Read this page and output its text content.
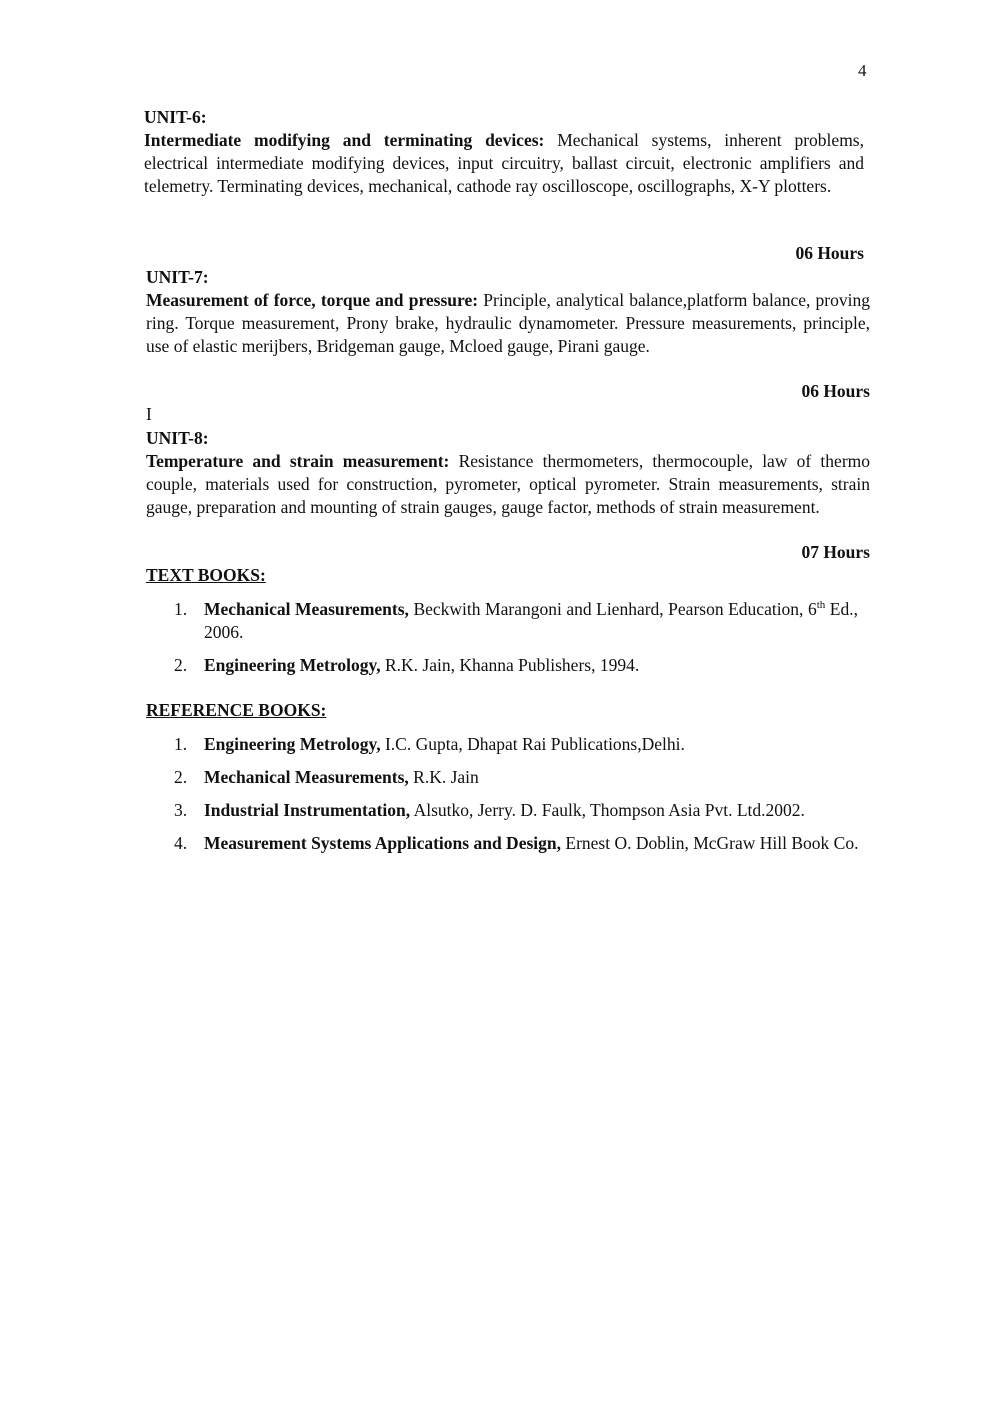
4
UNIT-6:
Intermediate modifying and terminating devices: Mechanical systems, inherent problems, electrical intermediate modifying devices, input circuitry, ballast circuit, electronic amplifiers and telemetry. Terminating devices, mechanical, cathode ray oscilloscope, oscillographs, X-Y plotters.
06 Hours
UNIT-7:
Measurement of force, torque and pressure: Principle, analytical balance,platform balance, proving ring. Torque measurement, Prony brake, hydraulic dynamometer. Pressure measurements, principle, use of elastic merijbers, Bridgeman gauge, Mcloed gauge, Pirani gauge.
06 Hours
I
UNIT-8:
Temperature and strain measurement: Resistance thermometers, thermocouple, law of thermo couple, materials used for construction, pyrometer, optical pyrometer. Strain measurements, strain gauge, preparation and mounting of strain gauges, gauge factor, methods of strain measurement.
07 Hours
TEXT BOOKS:
1. Mechanical Measurements, Beckwith Marangoni and Lienhard, Pearson Education, 6th Ed., 2006.
2. Engineering Metrology, R.K. Jain, Khanna Publishers, 1994.
REFERENCE BOOKS:
1. Engineering Metrology, I.C. Gupta, Dhapat Rai Publications,Delhi.
2. Mechanical Measurements, R.K. Jain
3. Industrial Instrumentation, Alsutko, Jerry. D. Faulk, Thompson Asia Pvt. Ltd.2002.
4. Measurement Systems Applications and Design, Ernest O. Doblin, McGraw Hill Book Co.
